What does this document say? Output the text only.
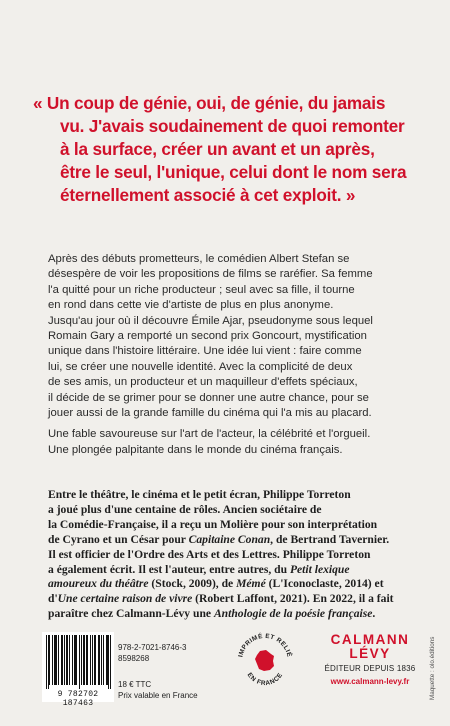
« Un coup de génie, oui, de génie, du jamais
vu. J'avais soudainement de quoi remonter
à la surface, créer un avant et un après,
être le seul, l'unique, celui dont le nom sera
éternellement associé à cet exploit. »

Après des débuts prometteurs, le comédien Albert Stefan se
désespère de voir les propositions de films se raréfier. Sa femme
l'a quitté pour un riche producteur ; seul avec sa fille, il tourne
en rond dans cette vie d'artiste de plus en plus anonyme.
Jusqu'au jour où il découvre Émile Ajar, pseudonyme sous lequel
Romain Gary a remporté un second prix Goncourt, mystification
unique dans l'histoire littéraire. Une idée lui vient : faire comme
lui, se créer une nouvelle identité. Avec la complicité de deux
de ses amis, un producteur et un maquilleur d'effets spéciaux,
il décide de se grimer pour se donner une autre chance, pour se
jouer aussi de la grande famille du cinéma qui l'a mis au placard.

Une fable savoureuse sur l'art de l'acteur, la célébrité et l'orgueil.
Une plongée palpitante dans le monde du cinéma français.

Entre le théâtre, le cinéma et le petit écran, Philippe Torreton
a joué plus d'une centaine de rôles. Ancien sociétaire de
la Comédie-Française, il a reçu un Molière pour son interprétation
de Cyrano et un César pour Capitaine Conan, de Bertrand Tavernier.
Il est officier de l'Ordre des Arts et des Lettres. Philippe Torreton
a également écrit. Il est l'auteur, entre autres, du Petit lexique
amoureux du théâtre (Stock, 2009), de Mémé (L'Iconoclaste, 2014) et
d'Une certaine raison de vivre (Robert Laffont, 2021). En 2022, il a fait
paraître chez Calmann-Lévy une Anthologie de la poésie française.
9 782702 187463
978-2-7021-8746-3
8598268
18 € TTC
Prix valable en France
IMPRIMÉ ET RELIÉ
EN FRANCE
CALMANN
LÉVY
ÉDITEUR DEPUIS 1836
www.calmann-levy.fr	Maquette : olo.éditions
